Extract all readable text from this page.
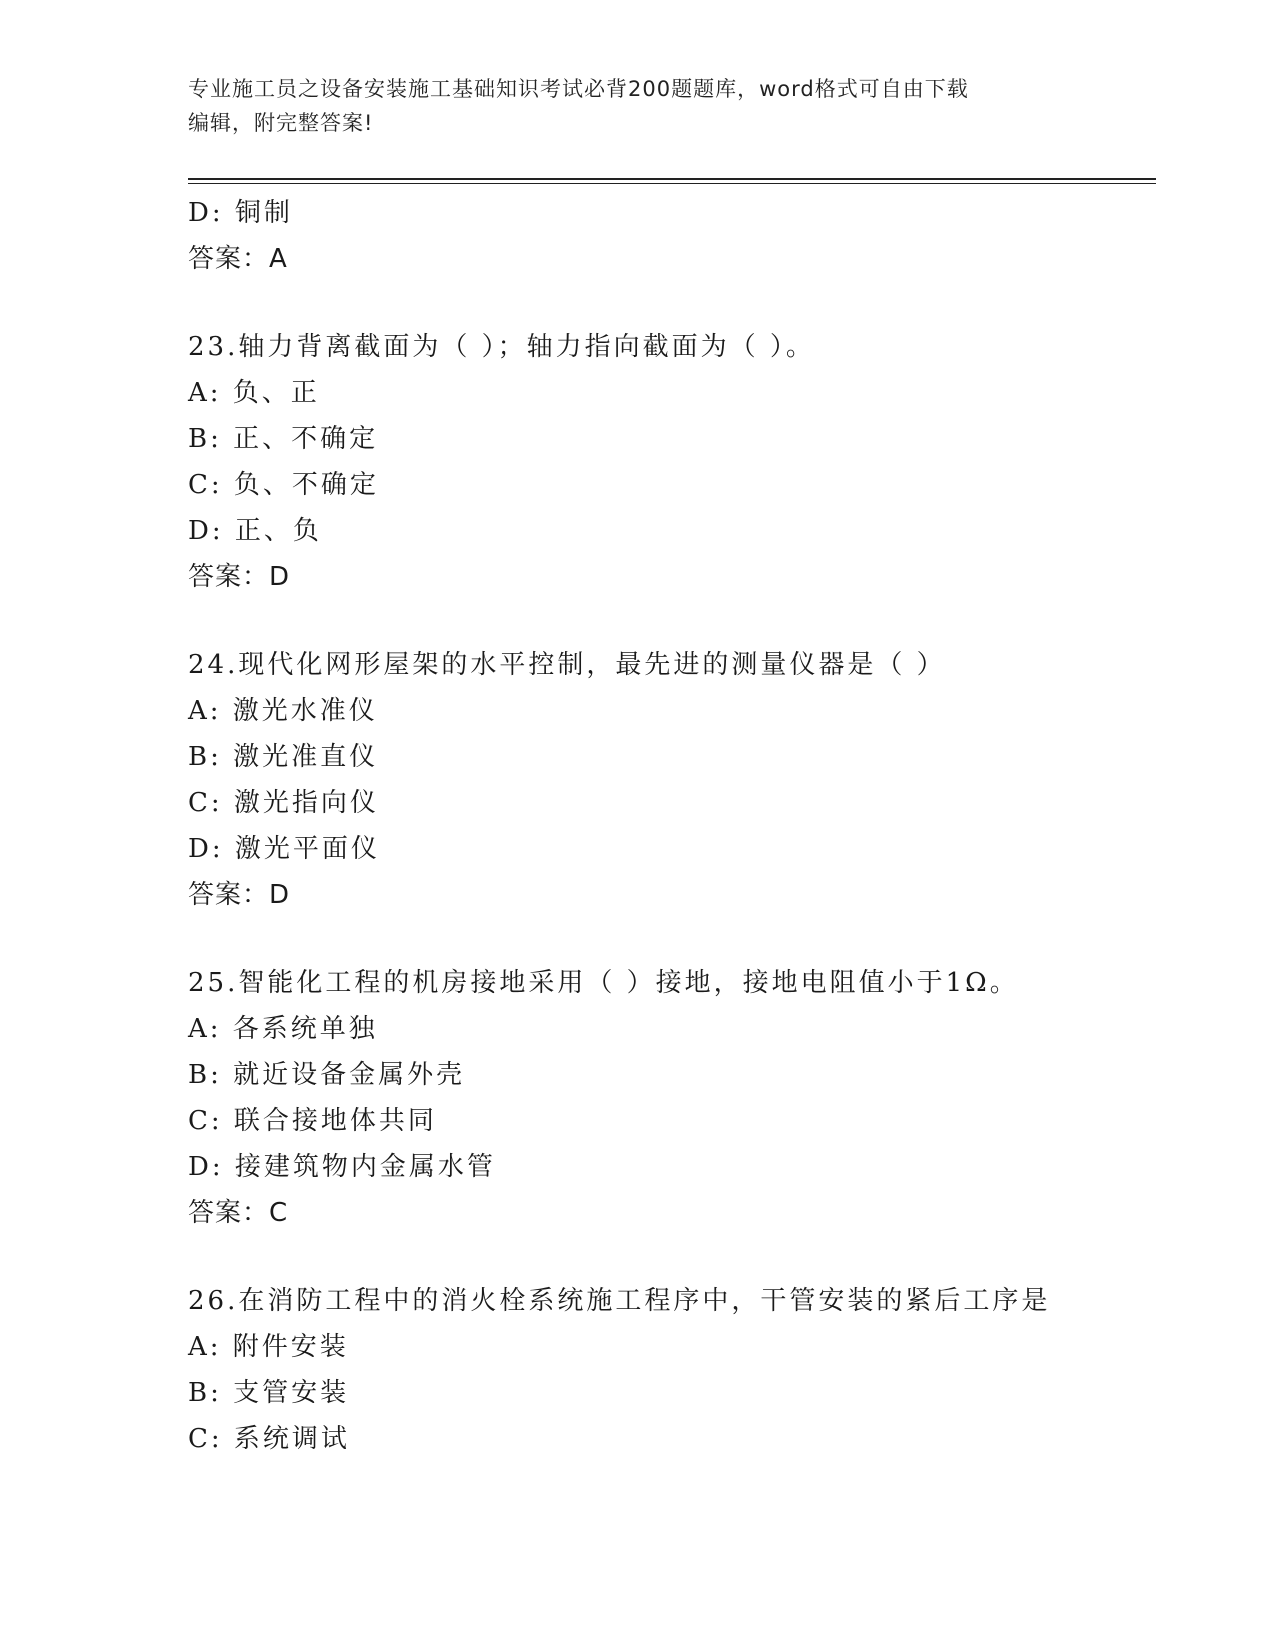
专业施工员之设备安装施工基础知识考试必背200题题库，word格式可自由下载
编辑，附完整答案!
D: 铜制
答案：A
23.轴力背离截面为（ ）；轴力指向截面为（ ）。
A: 负、正
B: 正、不确定
C: 负、不确定
D: 正、负
答案：D
24.现代化网形屋架的水平控制，最先进的测量仪器是（ ）
A: 激光水准仪
B: 激光准直仪
C: 激光指向仪
D: 激光平面仪
答案：D
25.智能化工程的机房接地采用（ ）接地，接地电阻值小于1Ω。
A: 各系统单独
B: 就近设备金属外壳
C: 联合接地体共同
D: 接建筑物内金属水管
答案：C
26.在消防工程中的消火栓系统施工程序中，干管安装的紧后工序是
A: 附件安装
B: 支管安装
C: 系统调试
